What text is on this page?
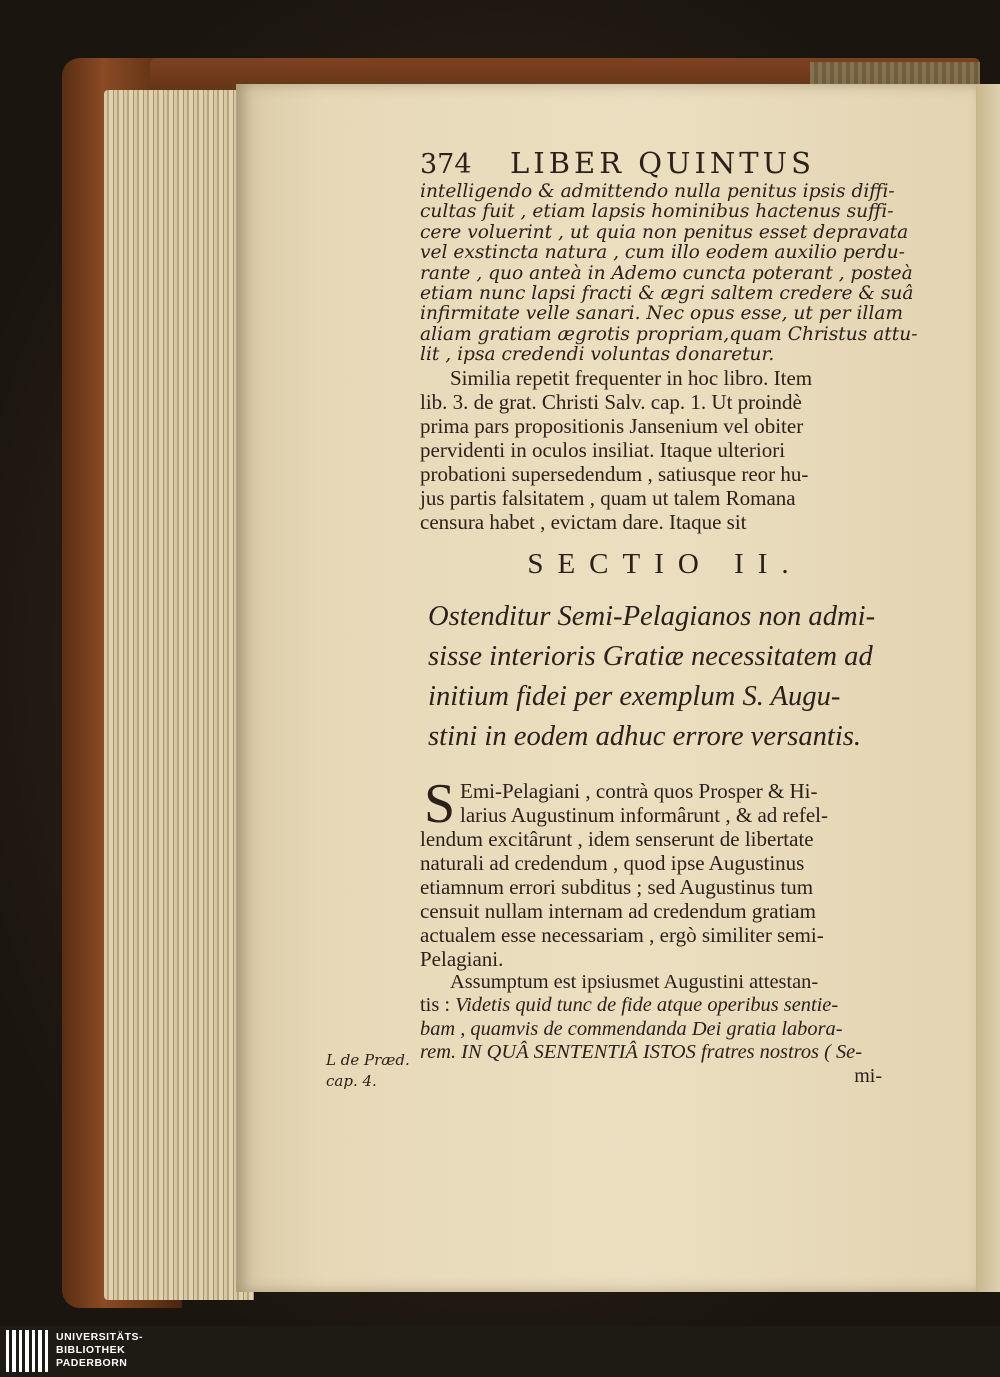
374	LIBER QUINTUS
intelligendo & admittendo nulla penitus ipsis diffi-
cultas fuit , etiam lapsis hominibus hactenus suffi-
cere voluerint , ut quia non penitus esset depravata
vel exstincta natura , cum illo eodem auxilio perdu-
rante , quo anteà in Ademo cuncta poterant , posteà
etiam nunc lapsi fracti & ægri saltem credere & suâ
infirmitate velle sanari. Nec opus esse, ut per illam
aliam gratiam ægrotis propriam,quam Christus attu-
lit , ipsa credendi voluntas donaretur.
Similia repetit frequenter in hoc libro. Item
lib. 3. de grat. Christi Salv. cap. 1. Ut proindè
prima pars propositionis Jansenium vel obiter
pervidenti in oculos insiliat. Itaque ulteriori
probationi supersedendum , satiusque reor hu-
jus partis falsitatem , quam ut talem Romana
censura habet , evictam dare. Itaque sit
SECTIO II.
Ostenditur Semi-Pelagianos non admi-
sisse interioris Gratiæ necessitatem ad
initium fidei per exemplum S. Augu-
stini in eodem adhuc errore versantis.
S Emi-Pelagiani , contrà quos Prosper & Hi-
larius Augustinum informârunt , & ad refel-
lendum excitârunt , idem senserunt de libertate
naturali ad credendum , quod ipse Augustinus
etiamnum errori subditus ; sed Augustinus tum
censuit nullam internam ad credendum gratiam
actualem esse necessariam , ergò similiter semi-
Pelagiani.
Assumptum est ipsiusmet Augustini attestan-
tis : Videtis quid tunc de fide atque operibus sentie-
bam , quamvis de commendanda Dei gratia labora-
rem. IN QUÂ SENTENTIÂ ISTOS fratres nostros ( Se-
mi-
L de Præd.
cap. 4.
UNIVERSITÄTS-
BIBLIOTHEK
PADERBORN
